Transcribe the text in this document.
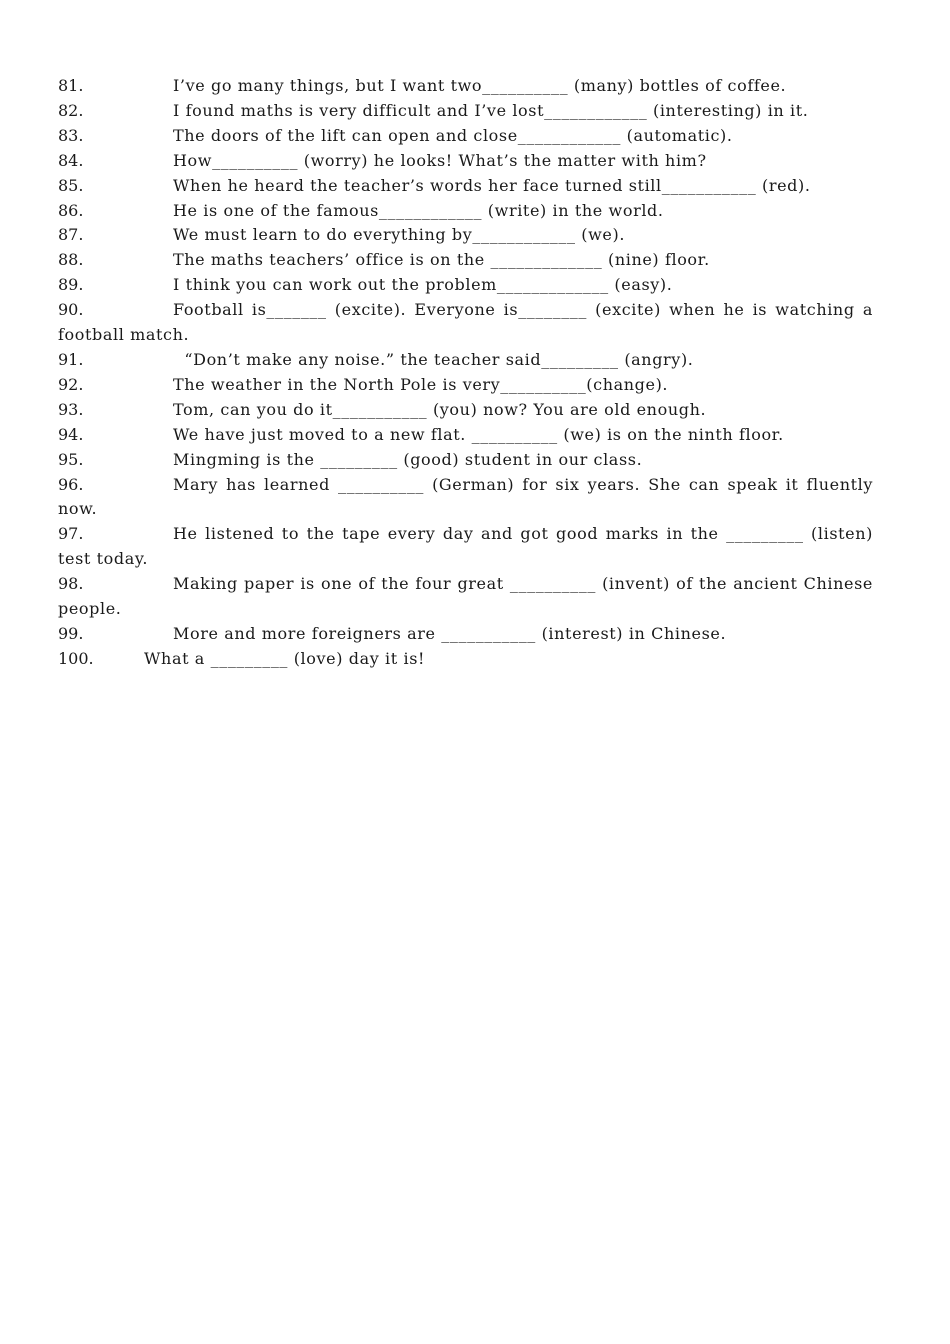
81.	I’ve go many things, but I want two__________ (many) bottles of coffee.
82.	I found maths is very difficult and I’ve lost____________ (interesting) in it.
83.	The doors of the lift can open and close____________ (automatic).
84.	How__________ (worry) he looks! What’s the matter with him?
85.	When he heard the teacher’s words her face turned still___________ (red).
86.	He is one of the famous____________ (write) in the world.
87.	We must learn to do everything by____________ (we).
88.	The maths teachers’ office is on the _____________ (nine) floor.
89.	I think you can work out the problem_____________ (easy).
90.	Football is_______ (excite). Everyone is________ (excite) when he is watching a football match.
91.	“Don’t make any noise.” the teacher said_________ (angry).
92.	The weather in the North Pole is very__________(change).
93.	Tom, can you do it___________ (you) now? You are old enough.
94.	We have just moved to a new flat. __________ (we) is on the ninth floor.
95.	Mingming is the _________ (good) student in our class.
96.	Mary has learned __________ (German) for six years. She can speak it fluently now.
97.	He listened to the tape every day and got good marks in the _________ (listen) test today.
98.	Making paper is one of the four great __________ (invent) of the ancient Chinese people.
99.	More and more foreigners are ___________ (interest) in Chinese.
100.	What a _________ (love) day it is!
